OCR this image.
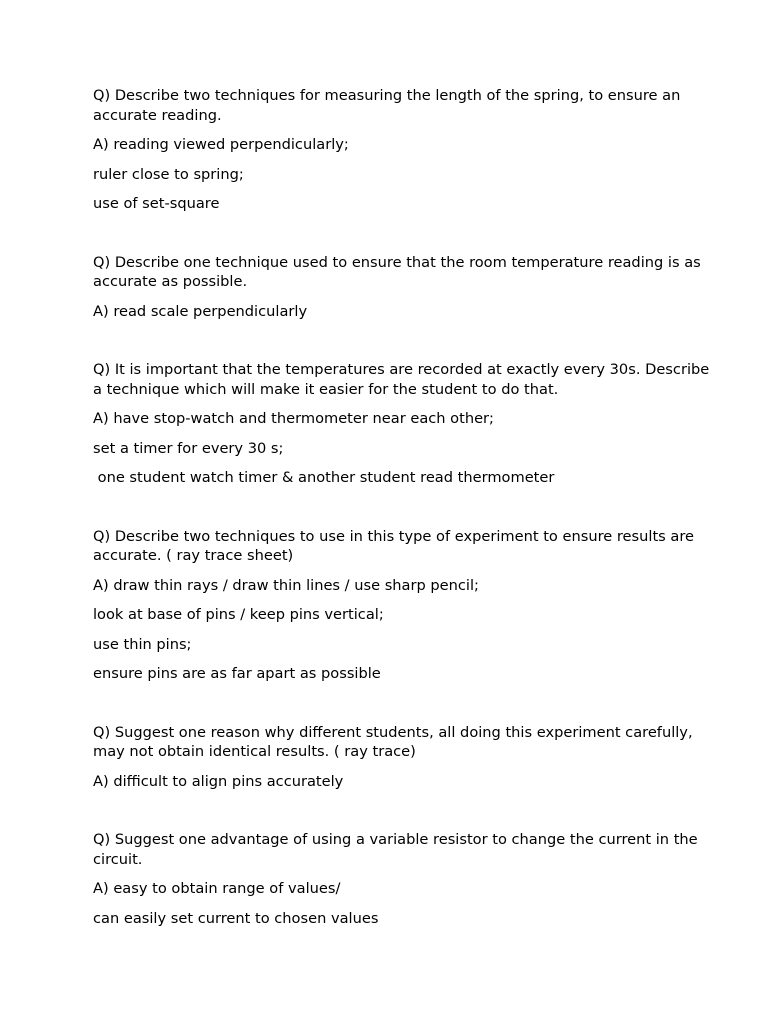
Q) Describe two techniques for measuring the length of the spring, to ensure an accurate reading.

A) reading viewed perpendicularly;

ruler close to spring;

use of set-square

Q) Describe one technique used to ensure that the room temperature reading is as accurate as possible.

A) read scale perpendicularly

Q) It is important that the temperatures are recorded at exactly every 30s. Describe a technique which will make it easier for the student to do that.

A) have stop-watch and thermometer near each other;

set a timer for every 30 s;

one student watch timer & another student read thermometer

Q) Describe two techniques to use in this type of experiment to ensure results are accurate. ( ray trace sheet)

A) draw thin rays / draw thin lines / use sharp pencil;

look at base of pins / keep pins vertical;

use thin pins;

ensure pins are as far apart as possible

Q) Suggest one reason why different students, all doing this experiment carefully, may not obtain identical results. ( ray trace)

A) difficult to align pins accurately

Q) Suggest one advantage of using a variable resistor to change the current in the circuit.

A) easy to obtain range of values/

can easily set current to chosen values
